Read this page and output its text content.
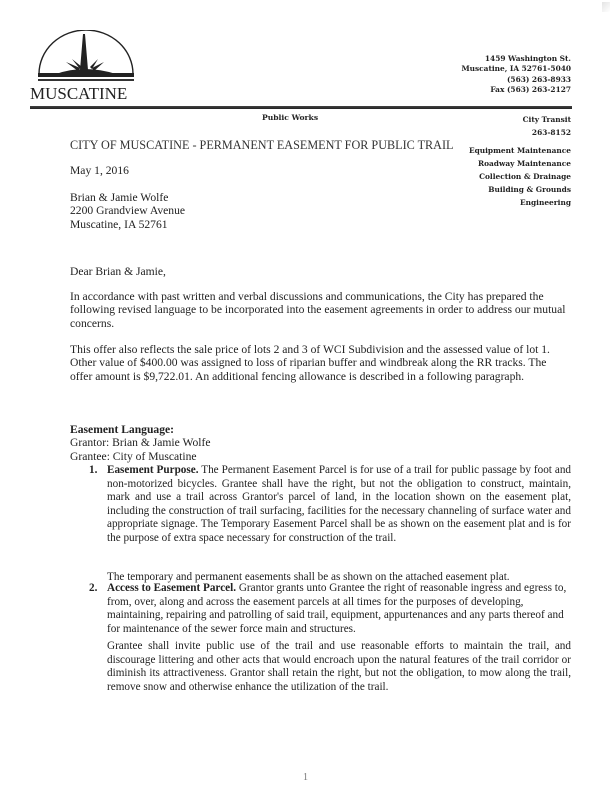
MUSCATINE
1459 Washington St.
Muscatine, IA 52761-5040
(563) 263-8933
Fax (563) 263-2127
Public Works	City Transit
263-8152
Equipment Maintenance
Roadway Maintenance
Collection & Drainage
Building & Grounds
Engineering
CITY OF MUSCATINE - PERMANENT EASEMENT FOR PUBLIC TRAIL
May 1, 2016
Brian & Jamie Wolfe
2200 Grandview Avenue
Muscatine, IA 52761
Dear Brian & Jamie,
In accordance with past written and verbal discussions and communications, the City has prepared the following revised language to be incorporated into the easement agreements in order to address our mutual concerns.
This offer also reflects the sale price of lots 2 and 3 of WCI Subdivision and the assessed value of lot 1. Other value of $400.00 was assigned to loss of riparian buffer and windbreak along the RR tracks. The offer amount is $9,722.01. An additional fencing allowance is described in a following paragraph.
Easement Language:
Grantor: Brian & Jamie Wolfe
Grantee: City of Muscatine
1. Easement Purpose. The Permanent Easement Parcel is for use of a trail for public passage by foot and non-motorized bicycles. Grantee shall have the right, but not the obligation to construct, maintain, mark and use a trail across Grantor's parcel of land, in the location shown on the easement plat, including the construction of trail surfacing, facilities for the necessary channeling of surface water and appropriate signage. The Temporary Easement Parcel shall be as shown on the easement plat and is for the purpose of extra space necessary for construction of the trail.
The temporary and permanent easements shall be as shown on the attached easement plat.
2. Access to Easement Parcel. Grantor grants unto Grantee the right of reasonable ingress and egress to, from, over, along and across the easement parcels at all times for the purposes of developing, maintaining, repairing and patrolling of said trail, equipment, appurtenances and any parts thereof and for maintenance of the sewer force main and structures.
Grantee shall invite public use of the trail and use reasonable efforts to maintain the trail, and discourage littering and other acts that would encroach upon the natural features of the trail corridor or diminish its attractiveness. Grantor shall retain the right, but not the obligation, to mow along the trail, remove snow and otherwise enhance the utilization of the trail.
1
